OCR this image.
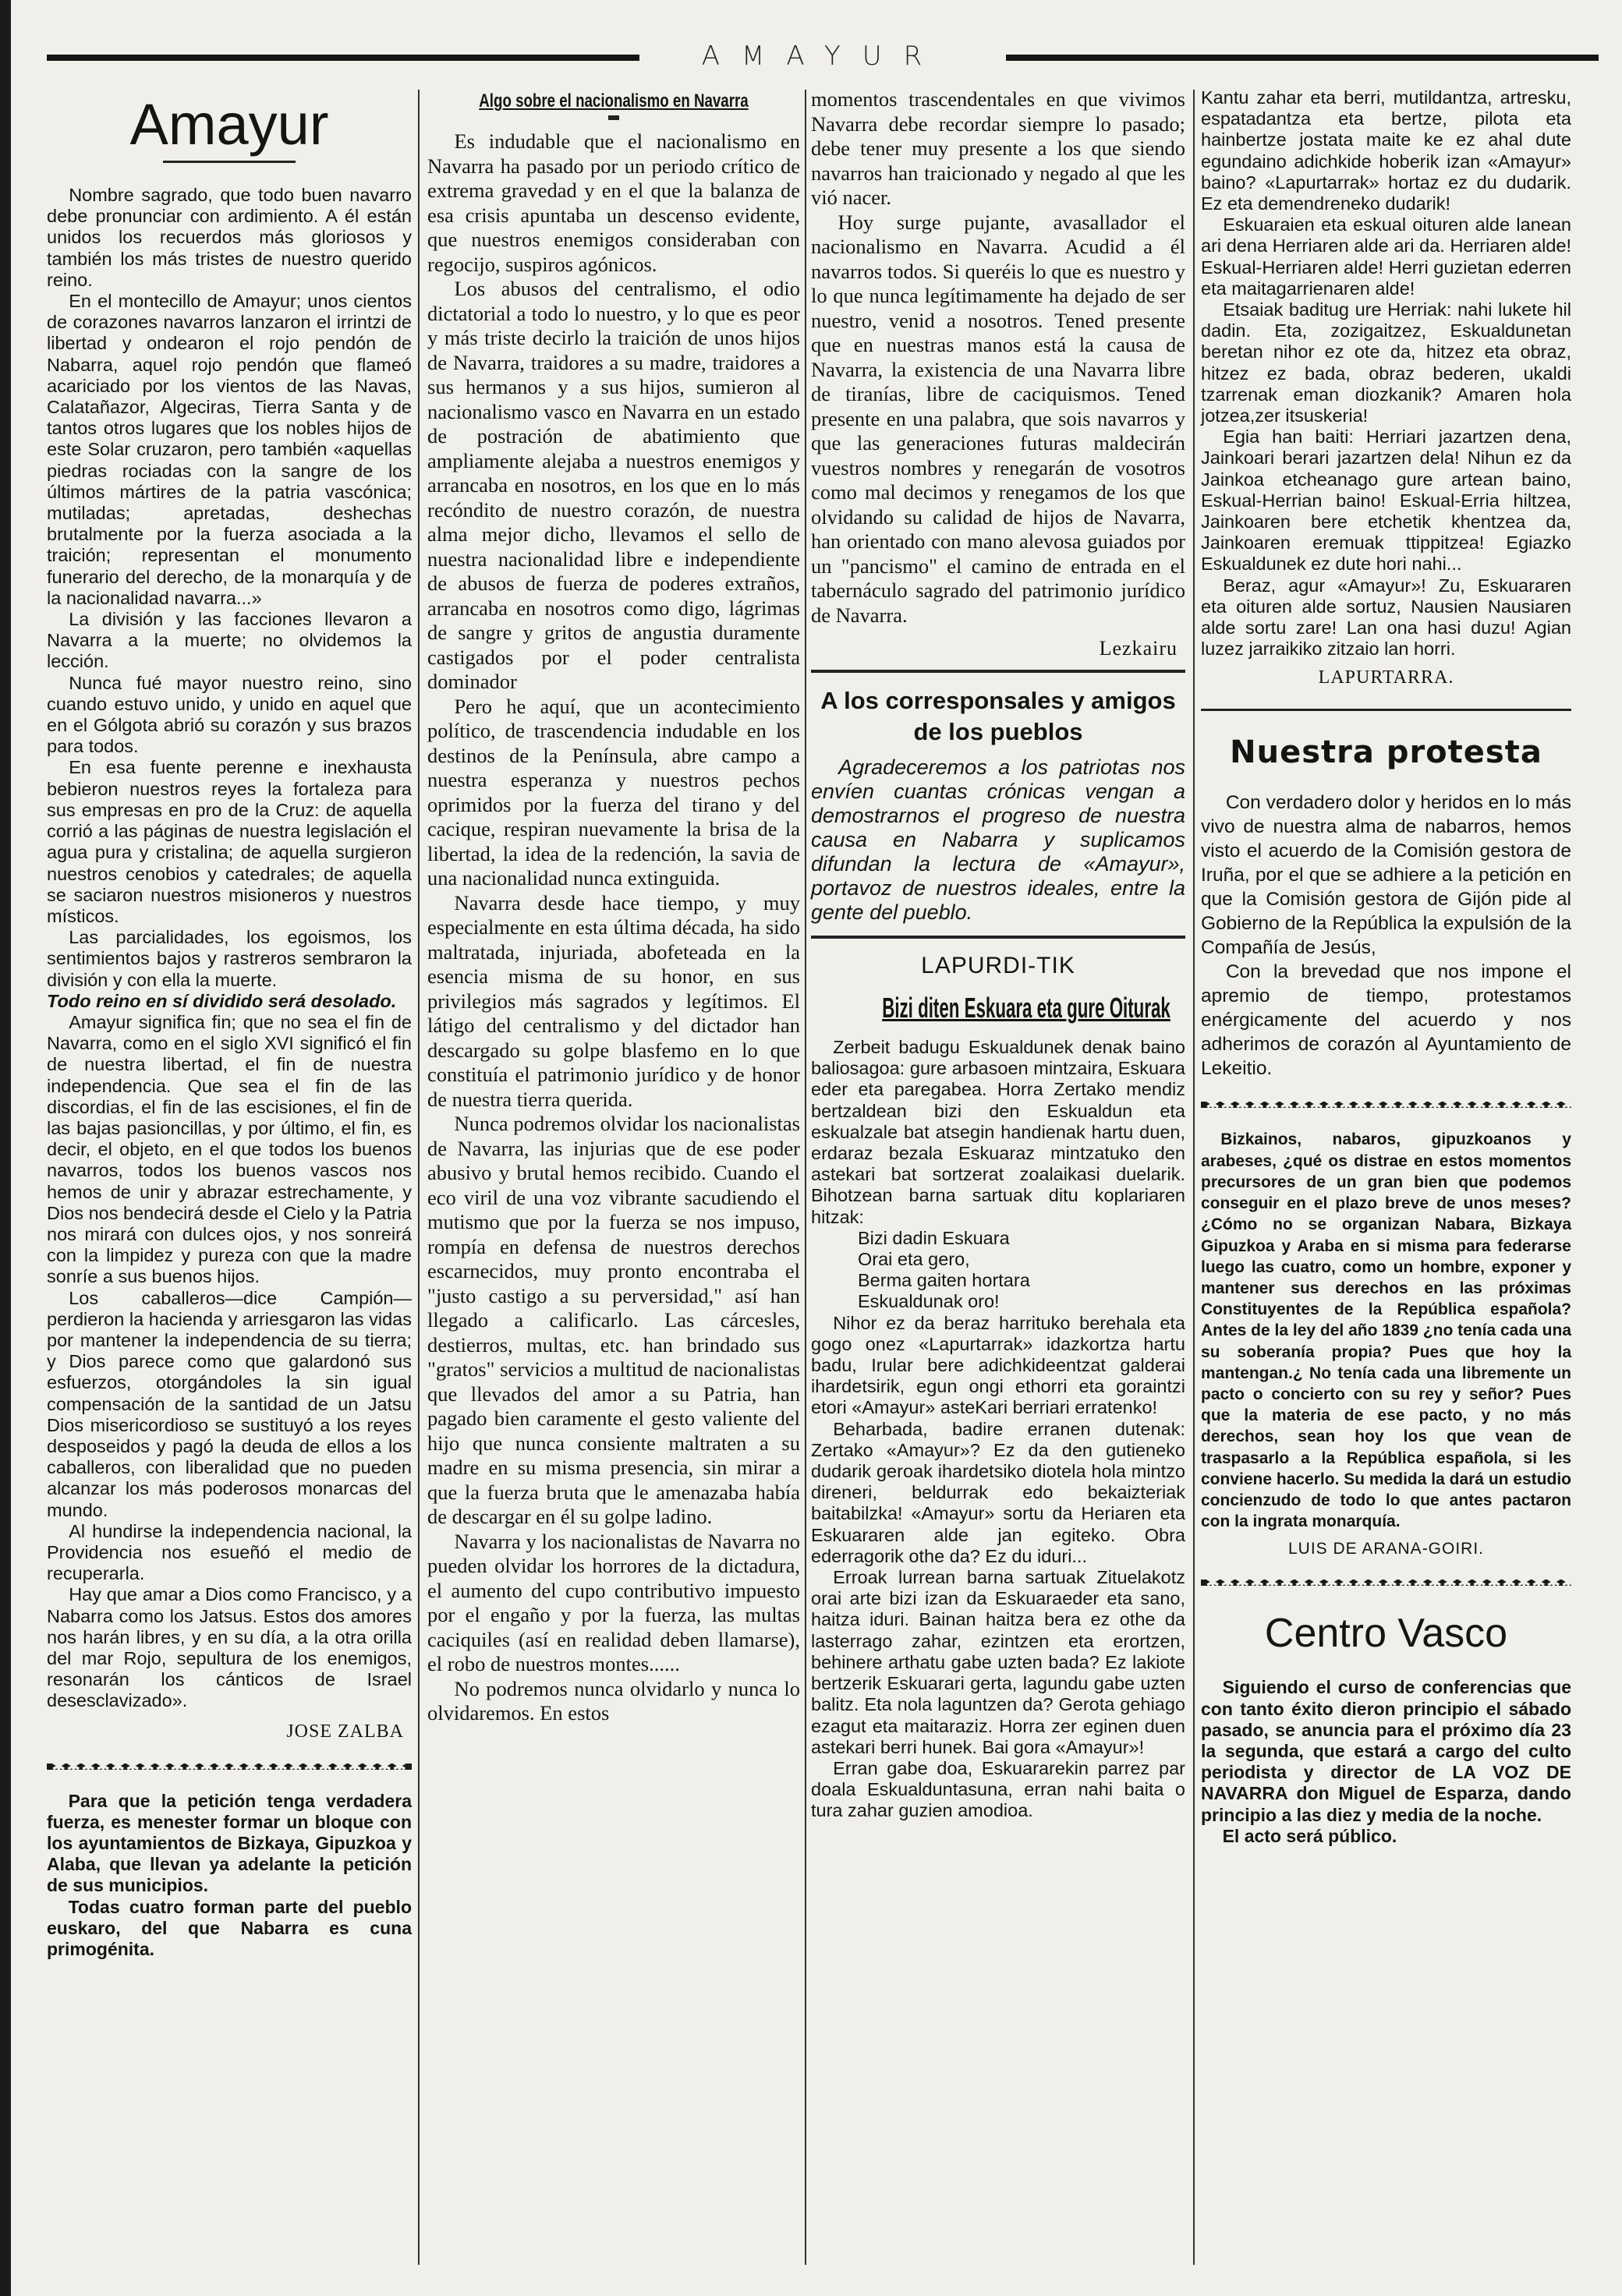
AMAYUR
Amayur

Nombre sagrado, que todo buen navarro debe pronunciar con ardimiento. A él están unidos los recuerdos más gloriosos y también los más tristes de nuestro querido reino.

En el montecillo de Amayur; unos cientos de corazones navarros lanzaron el irrintzi de libertad y ondearon el rojo pendón de Nabarra, aquel rojo pendón que flameó acariciado por los vientos de las Navas, Calatañazor, Algeciras, Tierra Santa y de tantos otros lugares que los nobles hijos de este Solar cruzaron, pero también «aquellas piedras rociadas con la sangre de los últimos mártires de la patria vascónica; mutiladas; apretadas, deshechas brutalmente por la fuerza asociada a la traición; representan el monumento funerario del derecho, de la monarquía y de la nacionalidad navarra...»

La división y las facciones llevaron a Navarra a la muerte; no olvidemos la lección.

Nunca fué mayor nuestro reino, sino cuando estuvo unido, y unido en aquel que en el Gólgota abrió su corazón y sus brazos para todos.

En esa fuente perenne e inexhausta bebieron nuestros reyes la fortaleza para sus empresas en pro de la Cruz: de aquella corrió a las páginas de nuestra legislación el agua pura y cristalina; de aquella surgieron nuestros cenobios y catedrales; de aquella se saciaron nuestros misioneros y nuestros místicos.

Las parcialidades, los egoismos, los sentimientos bajos y rastreros sembraron la división y con ella la muerte.

Todo reino en sí dividido será desolado.

Amayur significa fin; que no sea el fin de Navarra, como en el siglo XVI significó el fin de nuestra libertad, el fin de nuestra independencia. Que sea el fin de las discordias, el fin de las escisiones, el fin de las bajas pasioncillas, y por último, el fin, es decir, el objeto, en el que todos los buenos navarros, todos los buenos vascos nos hemos de unir y abrazar estrechamente, y Dios nos bendecirá desde el Cielo y la Patria nos mirará con dulces ojos, y nos sonreirá con la limpidez y pureza con que la madre sonríe a sus buenos hijos.

Los caballeros—dice Campión—perdieron la hacienda y arriesgaron las vidas por mantener la independencia de su tierra; y Dios parece como que galardonó sus esfuerzos, otorgándoles la sin igual compensación de la santidad de un Jatsu Dios misericordioso se sustituyó a los reyes desposeidos y pagó la deuda de ellos a los caballeros, con liberalidad que no pueden alcanzar los más poderosos monarcas del mundo.

Al hundirse la independencia nacional, la Providencia nos esueñó el medio de recuperarla.

Hay que amar a Dios como Francisco, y a Nabarra como los Jatsus. Estos dos amores nos harán libres, y en su día, a la otra orilla del mar Rojo, sepultura de los enemigos, resonarán los cánticos de Israel desesclavizado».

JOSE ZALBA
✱ ✱ ✱ ✱ ✱ ✱ ✱ ✱ ✱ ✱ ✱ ✱ ✱ ✱ ✱ ✱ ✱ ✱ ✱ ✱ ✱ ✱ ✱ ✱

Para que la petición tenga verdadera fuerza, es menester formar un bloque con los ayuntamientos de Bizkaya, Gipuzkoa y Alaba, que llevan ya adelante la petición de sus municipios.

Todas cuatro forman parte del pueblo euskaro, del que Nabarra es cuna primogénita.

Algo sobre el nacionalismo en Navarra

Es indudable que el nacionalismo en Navarra ha pasado por un periodo crítico de extrema gravedad y en el que la balanza de esa crisis apuntaba un descenso evidente, que nuestros enemigos consideraban con regocijo, suspiros agónicos.

Los abusos del centralismo, el odio dictatorial a todo lo nuestro, y lo que es peor y más triste decirlo la traición de unos hijos de Navarra, traidores a su madre, traidores a sus hermanos y a sus hijos, sumieron al nacionalismo vasco en Navarra en un estado de postración de abatimiento que ampliamente alejaba a nuestros enemigos y arrancaba en nosotros, en los que en lo más recóndito de nuestro corazón, de nuestra alma mejor dicho, llevamos el sello de nuestra nacionalidad libre e independiente de abusos de fuerza de poderes extraños, arrancaba en nosotros como digo, lágrimas de sangre y gritos de angustia duramente castigados por el poder centralista dominador

Pero he aquí, que un acontecimiento político, de trascendencia indudable en los destinos de la Península, abre campo a nuestra esperanza y nuestros pechos oprimidos por la fuerza del tirano y del cacique, respiran nuevamente la brisa de la libertad, la idea de la redención, la savia de una nacionalidad nunca extinguida.

Navarra desde hace tiempo, y muy especialmente en esta última década, ha sido maltratada, injuriada, abofeteada en la esencia misma de su honor, en sus privilegios más sagrados y legítimos. El látigo del centralismo y del dictador han descargado su golpe blasfemo en lo que constituía el patrimonio jurídico y de honor de nuestra tierra querida.

Nunca podremos olvidar los nacionalistas de Navarra, las injurias que de ese poder abusivo y brutal hemos recibido. Cuando el eco viril de una voz vibrante sacudiendo el mutismo que por la fuerza se nos impuso, rompía en defensa de nuestros derechos escarnecidos, muy pronto encontraba el "justo castigo a su perversidad," así han llegado a calificarlo. Las cárcesles, destierros, multas, etc. han brindado sus "gratos" servicios a multitud de nacionalistas que llevados del amor a su Patria, han pagado bien caramente el gesto valiente del hijo que nunca consiente maltraten a su madre en su misma presencia, sin mirar a que la fuerza bruta que le amenazaba había de descargar en él su golpe ladino.

Navarra y los nacionalistas de Navarra no pueden olvidar los horrores de la dictadura, el aumento del cupo contributivo impuesto por el engaño y por la fuerza, las multas caciquiles (así en realidad deben llamarse), el robo de nuestros montes......

No podremos nunca olvidarlo y nunca lo olvidaremos. En estos

momentos trascendentales en que vivimos Navarra debe recordar siempre lo pasado; debe tener muy presente a los que siendo navarros han traicionado y negado al que les vió nacer.

Hoy surge pujante, avasallador el nacionalismo en Navarra. Acudid a él navarros todos. Si queréis lo que es nuestro y lo que nunca legítimamente ha dejado de ser nuestro, venid a nosotros. Tened presente que en nuestras manos está la causa de Navarra, la existencia de una Navarra libre de tiranías, libre de caciquismos. Tened presente en una palabra, que sois navarros y que las generaciones futuras maldecirán vuestros nombres y renegarán de vosotros como mal decimos y renegamos de los que olvidando su calidad de hijos de Navarra, han orientado con mano alevosa guiados por un "pancismo" el camino de entrada en el tabernáculo sagrado del patrimonio jurídico de Navarra.

Lezkairu
A los corresponsales y amigos de los pueblos

Agradeceremos a los patriotas nos envíen cuantas crónicas vengan a demostrarnos el progreso de nuestra causa en Nabarra y suplicamos difundan la lectura de «Amayur», portavoz de nuestros ideales, entre la gente del pueblo.

LAPURDI-TIK
Bizi diten Eskuara eta gure Oiturak

Zerbeit badugu Eskualdunek denak baino baliosagoa: gure arbasoen mintzaira, Eskuara eder eta paregabea. Horra Zertako mendiz bertzaldean bizi den Eskualdun eta eskualzale bat atsegin handienak hartu duen, erdaraz bezala Eskuaraz mintzatuko den astekari bat sortzerat zoalaikasi duelarik. Bihotzean barna sartuak ditu koplariaren hitzak:

Bizi dadin Eskuara

Orai eta gero,

Berma gaiten hortara

Eskualdunak oro!

Nihor ez da beraz harrituko berehala eta gogo onez «Lapurtarrak» idazkortza hartu badu, Irular bere adichkideentzat galderai ihardetsirik, egun ongi ethorri eta goraintzi etori «Amayur» asteKari berriari erratenko!

Beharbada, badire erranen dutenak: Zertako «Amayur»? Ez da den gutieneko dudarik geroak ihardetsiko diotela hola mintzo direneri, beldurrak edo bekaizteriak baitabilzka! «Amayur» sortu da Heriaren eta Eskuararen alde jan egiteko. Obra ederragorik othe da? Ez du iduri...

Erroak lurrean barna sartuak Zituelakotz orai arte bizi izan da Eskuaraeder eta sano, haitza iduri. Bainan haitza bera ez othe da lasterrago zahar, ezintzen eta erortzen, behinere arthatu gabe uzten bada? Ez lakiote bertzerik Eskuarari gerta, lagundu gabe uzten balitz. Eta nola laguntzen da? Gerota gehiago ezagut eta maitaraziz. Horra zer eginen duen astekari berri hunek. Bai gora «Amayur»!

Erran gabe doa, Eskuararekin parrez par doala Eskualduntasuna, erran nahi baita o tura zahar guzien amodioa.

Kantu zahar eta berri, mutildantza, artresku, espatadantza eta bertze, pilota eta hainbertze jostata maite ke ez ahal dute egundaino adichkide hoberik izan «Amayur» baino? «Lapurtarrak» hortaz ez du dudarik. Ez eta demendreneko dudarik!

Eskuaraien eta eskual oituren alde lanean ari dena Herriaren alde ari da. Herriaren alde! Eskual-Herriaren alde! Herri guzietan ederren eta maitagarrienaren alde!

Etsaiak baditug ure Herriak: nahi lukete hil dadin. Eta, zozigaitzez, Eskualdunetan beretan nihor ez ote da, hitzez eta obraz, hitzez ez bada, obraz bederen, ukaldi tzarrenak eman diozkanik? Amaren hola jotzea,zer itsuskeria!

Egia han baiti: Herriari jazartzen dena, Jainkoari berari jazartzen dela! Nihun ez da Jainkoa etcheanago gure artean baino, Eskual-Herrian baino! Eskual-Erria hiltzea, Jainkoaren bere etchetik khentzea da, Jainkoaren eremuak ttippitzea! Egiazko Eskualdunek ez dute hori nahi...

Beraz, agur «Amayur»! Zu, Eskuararen eta oituren alde sortuz, Nausien Nausiaren alde sortu zare! Lan ona hasi duzu! Agian luzez jarraikiko zitzaio lan horri.

LAPURTARRA.
Nuestra protesta

Con verdadero dolor y heridos en lo más vivo de nuestra alma de nabarros, hemos visto el acuerdo de la Comisión gestora de Iruña, por el que se adhiere a la petición en que la Comisión gestora de Gijón pide al Gobierno de la República la expulsión de la Compañía de Jesús,

Con la brevedad que nos impone el apremio de tiempo, protestamos enérgicamente del acuerdo y nos adherimos de corazón al Ayuntamiento de Lekeitio.

✱ ✱ ✱ ✱ ✱ ✱ ✱ ✱ ✱ ✱ ✱ ✱ ✱ ✱ ✱ ✱ ✱ ✱ ✱ ✱ ✱ ✱ ✱ ✱ ✱

Bizkainos, nabaros, gipuzkoanos y arabeses, ¿qué os distrae en estos momentos precursores de un gran bien que podemos conseguir en el plazo breve de unos meses? ¿Cómo no se organizan Nabara, Bizkaya Gipuzkoa y Araba en si misma para federarse luego las cuatro, como un hombre, exponer y mantener sus derechos en las próximas Constituyentes de la República española? Antes de la ley del año 1839 ¿no tenía cada una su soberanía propia? Pues que hoy la mantengan.¿ No tenía cada una libremente un pacto o concierto con su rey y señor? Pues que la materia de ese pacto, y no más derechos, sean hoy los que vean de traspasarlo a la República española, si les conviene hacerlo. Su medida la dará un estudio concienzudo de todo lo que antes pactaron con la ingrata monarquía.

LUIS DE ARANA-GOIRI.
✱ ✱ ✱ ✱ ✱ ✱ ✱ ✱ ✱ ✱ ✱ ✱ ✱ ✱ ✱ ✱ ✱ ✱ ✱ ✱ ✱ ✱ ✱ ✱ ✱
Centro Vasco

Siguiendo el curso de conferencias que con tanto éxito dieron principio el sábado pasado, se anuncia para el próximo día 23 la segunda, que estará a cargo del culto periodista y director de LA VOZ DE NAVARRA don Miguel de Esparza, dando principio a las diez y media de la noche.

El acto será público.
